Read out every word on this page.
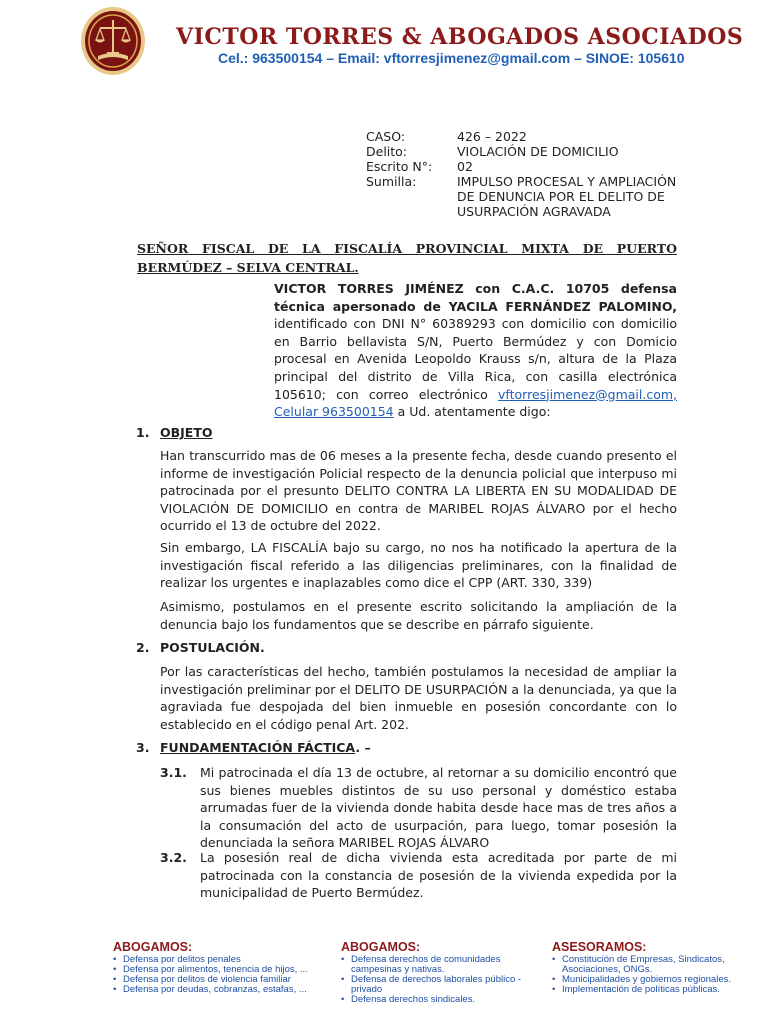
VICTOR TORRES & ABOGADOS ASOCIADOS
Cel.: 963500154 – Email: vftorresjimenez@gmail.com – SINOE: 105610
CASO:	426 – 2022
Delito:	VIOLACIÓN DE DOMICILIO
Escrito N°:	02
Sumilla:	IMPULSO PROCESAL Y AMPLIACIÓN DE DENUNCIA POR EL DELITO DE USURPACIÓN AGRAVADA
SEÑOR FISCAL DE LA FISCALÍA PROVINCIAL MIXTA DE PUERTO BERMÚDEZ – SELVA CENTRAL.
VICTOR TORRES JIMÉNEZ con C.A.C. 10705 defensa técnica apersonado de YACILA FERNÁNDEZ PALOMINO, identificado con DNI N° 60389293 con domicilio con domicilio en Barrio bellavista S/N, Puerto Bermúdez y con Domicio procesal en Avenida Leopoldo Krauss s/n, altura de la Plaza principal del distrito de Villa Rica, con casilla electrónica 105610; con correo electrónico vftorresjimenez@gmail.com, Celular 963500154 a Ud. atentamente digo:
1. OBJETO
Han transcurrido mas de 06 meses a la presente fecha, desde cuando presento el informe de investigación Policial respecto de la denuncia policial que interpuso mi patrocinada por el presunto DELITO CONTRA LA LIBERTA EN SU MODALIDAD DE VIOLACIÓN DE DOMICILIO en contra de MARIBEL ROJAS ÁLVARO por el hecho ocurrido el 13 de octubre del 2022.
Sin embargo, LA FISCALÍA bajo su cargo, no nos ha notificado la apertura de la investigación fiscal referido a las diligencias preliminares, con la finalidad de realizar los urgentes e inaplazables como dice el CPP (ART. 330, 339)
Asimismo, postulamos en el presente escrito solicitando la ampliación de la denuncia bajo los fundamentos que se describe en párrafo siguiente.
2. POSTULACIÓN.
Por las características del hecho, también postulamos la necesidad de ampliar la investigación preliminar por el DELITO DE USURPACIÓN a la denunciada, ya que la agraviada fue despojada del bien inmueble en posesión concordante con lo establecido en el código penal Art. 202.
3. FUNDAMENTACIÓN FÁCTICA. –
3.1.	Mi patrocinada el día 13 de octubre, al retornar a su domicilio encontró que sus bienes muebles distintos de su uso personal y doméstico estaba arrumadas fuer de la vivienda donde habita desde hace mas de tres años a la consumación del acto de usurpación, para luego, tomar posesión la denunciada la señora MARIBEL ROJAS ÁLVARO
3.2.	La posesión real de dicha vivienda esta acreditada por parte de mi patrocinada con la constancia de posesión de la vivienda expedida por la municipalidad de Puerto Bermúdez.
ABOGAMOS:
• Defensa por delitos penales
• Defensa por alimentos, tenencia de hijos, ...
• Defensa por delitos de violencia familiar
• Defensa por deudas, cobranzas, estafas, ...
ABOGAMOS:
• Defensa derechos de comunidades campesinas y nativas.
• Defensa de derechos laborales público - privado
• Defensa derechos sindicales.
ASESORAMOS:
• Constitución de Empresas, Sindicatos, Asociaciones, ONGs.
• Municipalidades y gobiernos regionales.
• Implementación de políticas públicas.
